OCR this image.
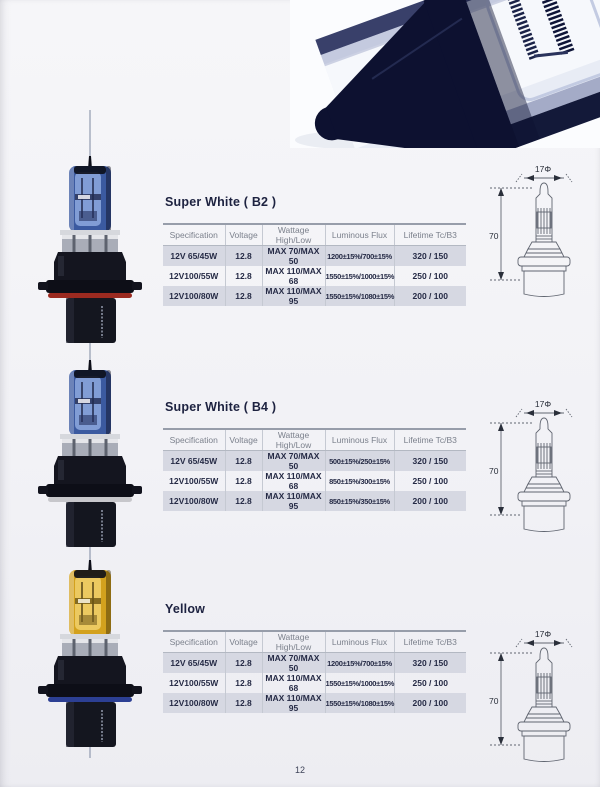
Super White ( B2 )
Super White ( B4 )
Yellow
Specification	Voltage	Wattage High/Low	Luminous Flux	Lifetime Tc/B3
12V 65/45W	12.8	MAX 70/MAX 50	1200±15%/700±15%	320 / 150
12V100/55W	12.8	MAX 110/MAX 68	1550±15%/1000±15%	250 / 100
12V100/80W	12.8	MAX 110/MAX 95	1550±15%/1080±15%	200 / 100
Specification	Voltage	Wattage High/Low	Luminous Flux	Lifetime Tc/B3
12V 65/45W	12.8	MAX 70/MAX 50	500±15%/250±15%	320 / 150
12V100/55W	12.8	MAX 110/MAX 68	850±15%/300±15%	250 / 100
12V100/80W	12.8	MAX 110/MAX 95	850±15%/350±15%	200 / 100
Specification	Voltage	Wattage High/Low	Luminous Flux	Lifetime Tc/B3
12V 65/45W	12.8	MAX 70/MAX 50	1200±15%/700±15%	320 / 150
12V100/55W	12.8	MAX 110/MAX 68	1550±15%/1000±15%	250 / 100
12V100/80W	12.8	MAX 110/MAX 95	1550±15%/1080±15%	200 / 100
17Φ
70
17Φ
70
17Φ
70
12
